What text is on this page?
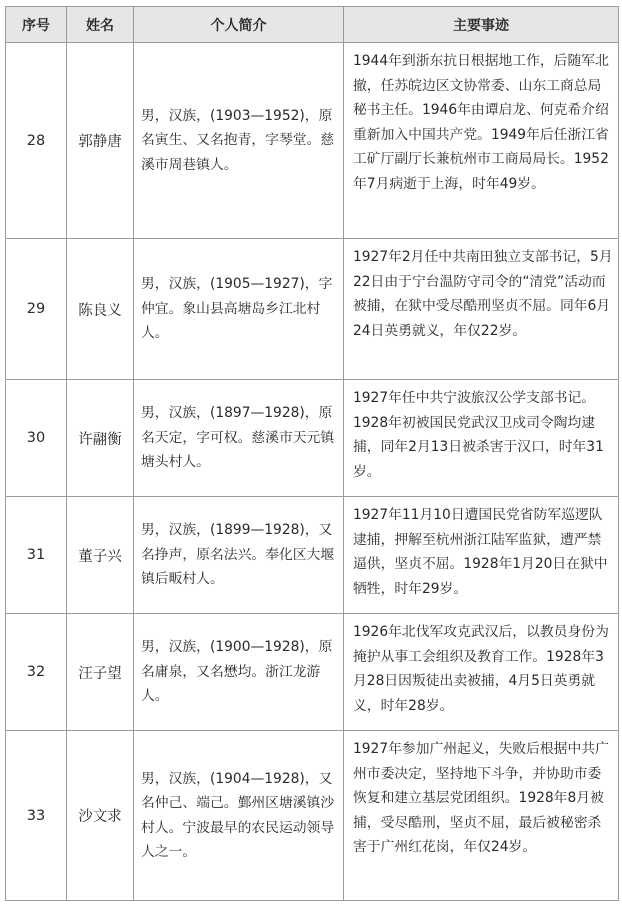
序号	姓名	个人简介	主要事迹
28	郭静唐	男，汉族，(1903—1952)，原名寅生、又名抱青，字琴堂。慈溪市周巷镇人。	1944年到浙东抗日根据地工作，后随军北撤，任苏皖边区文协常委、山东工商总局秘书主任。1946年由谭启龙、何克希介绍重新加入中国共产党。1949年后任浙江省工矿厅副厅长兼杭州市工商局局长。1952年7月病逝于上海，时年49岁。
29	陈良义	男，汉族，(1905—1927)，字仲宜。象山县高塘岛乡江北村人。	1927年2月任中共南田独立支部书记，5月22日由于宁台温防守司令的“清党”活动而被捕，在狱中受尽酷刑坚贞不屈。同年6月24日英勇就义，年仅22岁。
30	许翮衡	男，汉族，(1897—1928)，原名天定，字可权。慈溪市天元镇塘头村人。	1927年任中共宁波旅汉公学支部书记。1928年初被国民党武汉卫戍司令陶均逮捕，同年2月13日被杀害于汉口，时年31岁。
31	董子兴	男，汉族，(1899—1928)，又名挣声，原名法兴。奉化区大堰镇后畈村人。	1927年11月10日遭国民党省防军巡逻队逮捕，押解至杭州浙江陆军监狱，遭严禁逼供，坚贞不屈。1928年1月20日在狱中牺牲，时年29岁。
32	汪子望	男，汉族，(1900—1928)，原名庸泉，又名懋均。浙江龙游人。	1926年北伐军攻克武汉后，以教员身份为掩护从事工会组织及教育工作。1928年3月28日因叛徒出卖被捕，4月5日英勇就义，时年28岁。
33	沙文求	男，汉族，(1904—1928)，又名仲己、端己。鄞州区塘溪镇沙村人。宁波最早的农民运动领导人之一。	1927年参加广州起义，失败后根据中共广州市委决定，坚持地下斗争，并协助市委恢复和建立基层党团组织。1928年8月被捕，受尽酷刑，坚贞不屈，最后被秘密杀害于广州红花岗，年仅24岁。
